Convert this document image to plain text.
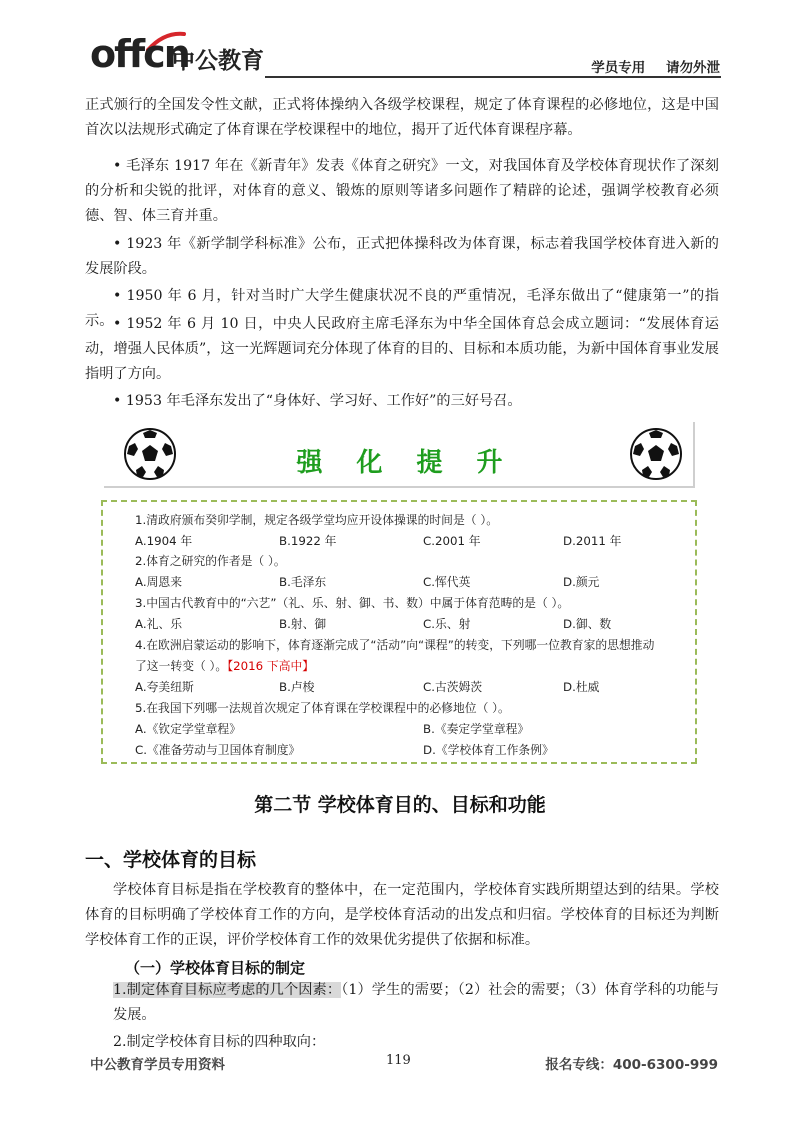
offcn
中公教育	学员专用 请勿外泄
正式颁行的全国发令性文献，正式将体操纳入各级学校课程，规定了体育课程的必修地位，这是中国首次以法规形式确定了体育课在学校课程中的地位，揭开了近代体育课程序幕。
• 毛泽东 1917 年在《新青年》发表《体育之研究》一文，对我国体育及学校体育现状作了深刻的分析和尖锐的批评，对体育的意义、锻炼的原则等诸多问题作了精辟的论述，强调学校教育必须德、智、体三育并重。
• 1923 年《新学制学科标准》公布，正式把体操科改为体育课，标志着我国学校体育进入新的发展阶段。
• 1950 年 6 月，针对当时广大学生健康状况不良的严重情况，毛泽东做出了“健康第一”的指示。 • 1952 年 6 月 10 日，中央人民政府主席毛泽东为中华全国体育总会成立题词：“发展体育运动，增强人民体质”，这一光辉题词充分体现了体育的目的、目标和本质功能，为新中国体育事业发展指明了方向。
• 1953 年毛泽东发出了“身体好、学习好、工作好”的三好号召。
强化提升
1.清政府颁布癸卯学制，规定各级学堂均应开设体操课的时间是（ ）。
A.1904 年	B.1922 年	C.2001 年	D.2011 年
2.体育之研究的作者是（ ）。
A.周恩来	B.毛泽东	C.恽代英	D.颜元
3.中国古代教育中的“六艺”（礼、乐、射、御、书、数）中属于体育范畴的是（ ）。
A.礼、乐	B.射、御	C.乐、射	D.御、数
4.在欧洲启蒙运动的影响下，体育逐渐完成了“活动”向“课程”的转变，下列哪一位教育家的思想推动
了这一转变（ ）。【2016 下高中】
A.夸美纽斯	B.卢梭	C.古茨姆茨	D.杜威
5.在我国下列哪一法规首次规定了体育课在学校课程中的必修地位（ ）。
A.《钦定学堂章程》	B.《奏定学堂章程》
C.《准备劳动与卫国体育制度》	D.《学校体育工作条例》
第二节 学校体育目的、目标和功能
一、学校体育的目标
学校体育目标是指在学校教育的整体中，在一定范围内，学校体育实践所期望达到的结果。学校体育的目标明确了学校体育工作的方向，是学校体育活动的出发点和归宿。学校体育的目标还为判断学校体育工作的正误，评价学校体育工作的效果优劣提供了依据和标准。
（一）学校体育目标的制定
1.制定体育目标应考虑的几个因素：（1）学生的需要；（2）社会的需要；（3）体育学科的功能与发展。
2.制定学校体育目标的四种取向：
中公教育学员专用资料	119	报名专线：400-6300-999
